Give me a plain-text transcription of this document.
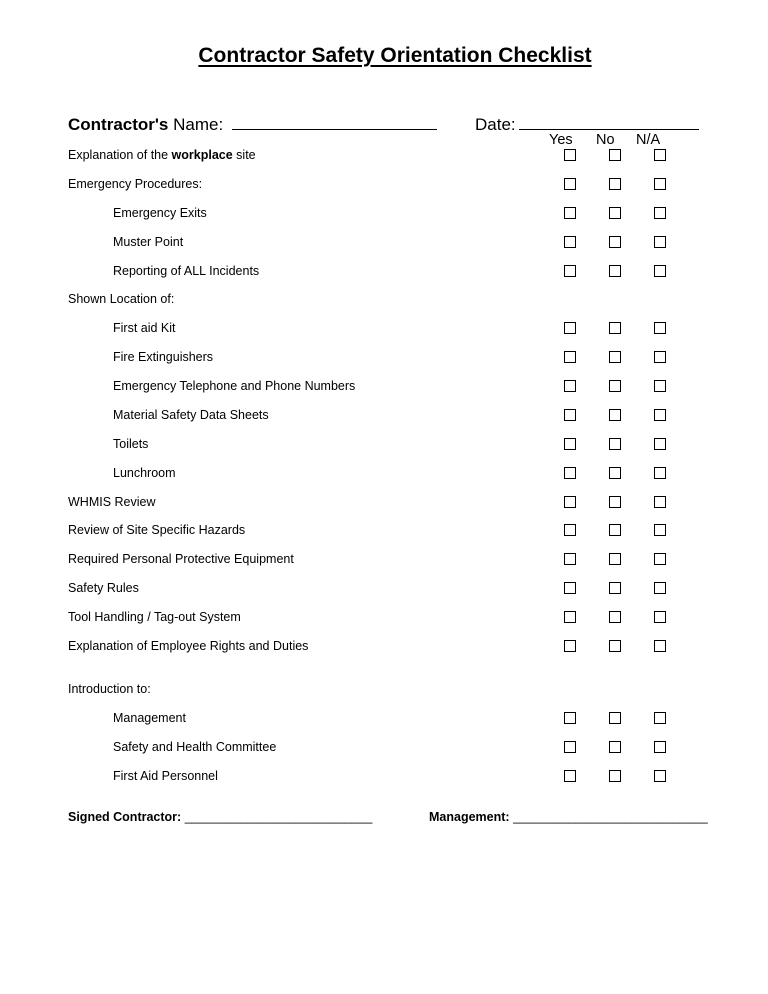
Contractor Safety Orientation Checklist
Contractor's Name:	Date:
Yes No N/A
Explanation of the workplace site
Emergency Procedures:
Emergency Exits
Muster Point
Reporting of ALL Incidents
Shown Location of:
First aid Kit
Fire Extinguishers
Emergency Telephone and Phone Numbers
Material Safety Data Sheets
Toilets
Lunchroom
WHMIS Review
Review of Site Specific Hazards
Required Personal Protective Equipment
Safety Rules
Tool Handling / Tag-out System
Explanation of Employee Rights and Duties
Introduction to:
Management
Safety and Health Committee
First Aid Personnel
Signed Contractor: ___________________________	Management: ____________________________
